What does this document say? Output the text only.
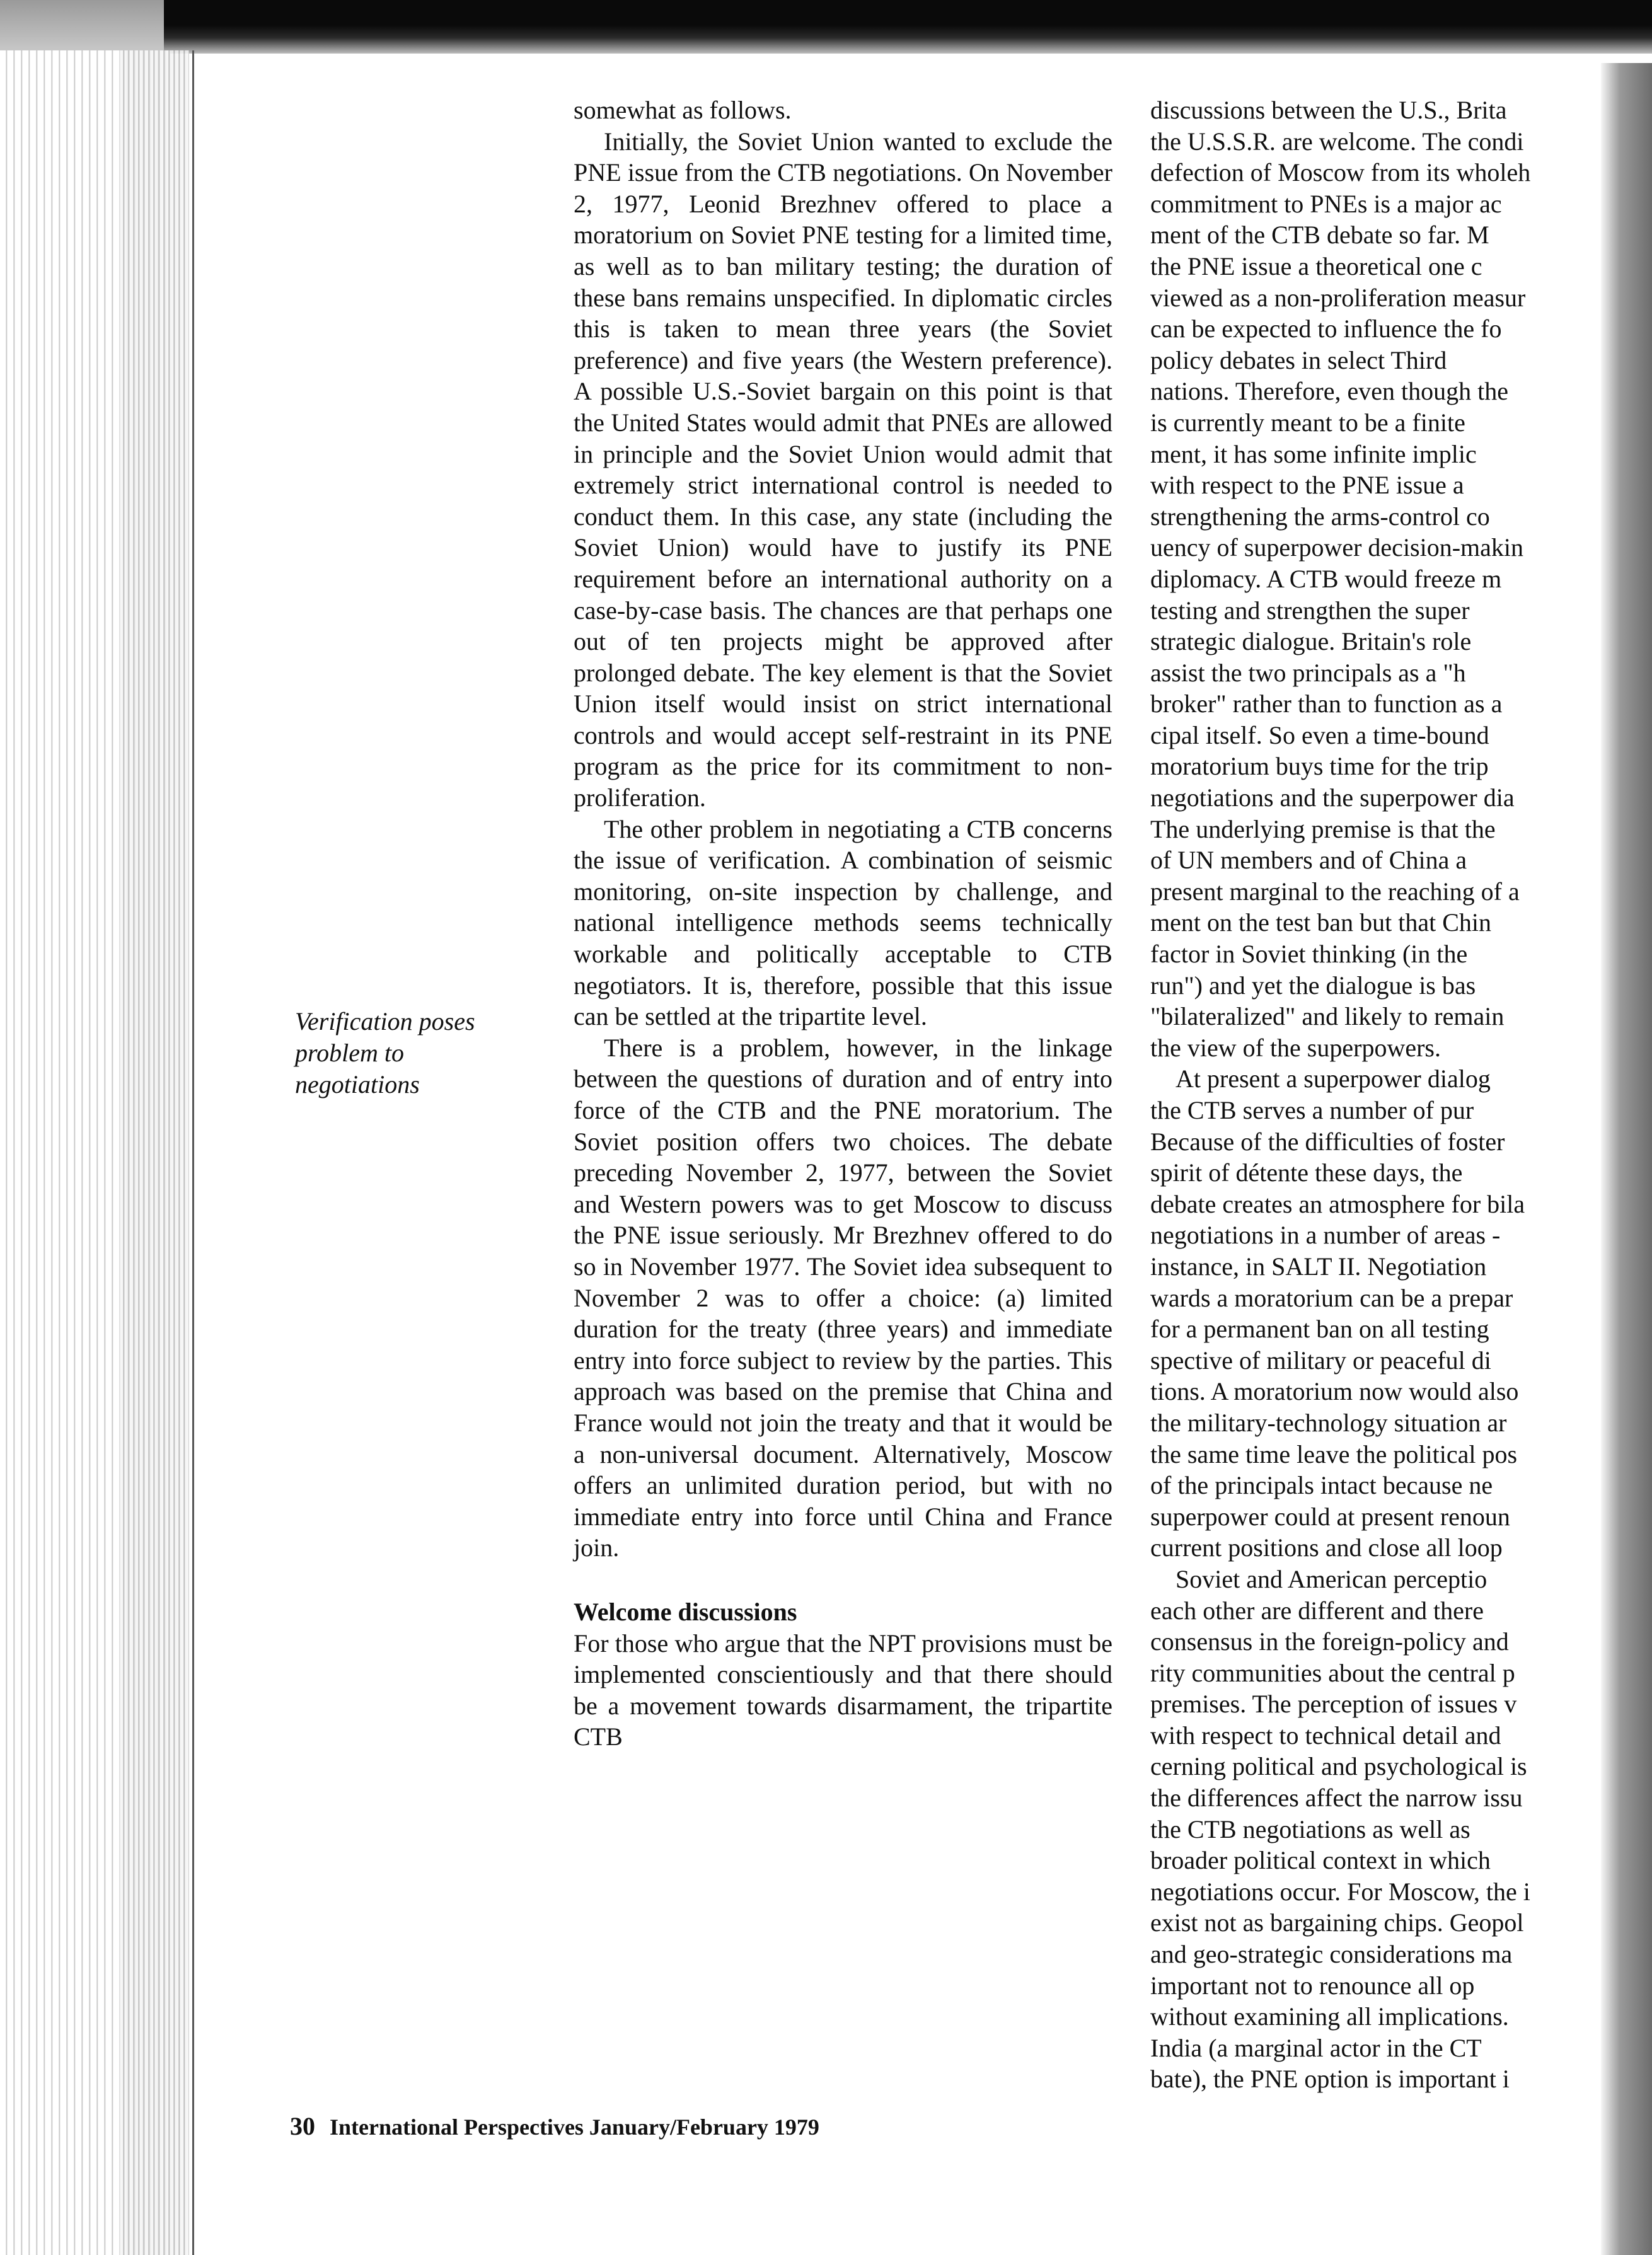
Verification poses problem to negotiations

somewhat as follows.

Initially, the Soviet Union wanted to exclude the PNE issue from the CTB negotiations. On November 2, 1977, Leonid Brezhnev offered to place a moratorium on Soviet PNE testing for a limited time, as well as to ban military testing; the duration of these bans remains unspecified. In diplomatic circles this is taken to mean three years (the Soviet preference) and five years (the Western preference). A possible U.S.-Soviet bargain on this point is that the United States would admit that PNEs are allowed in principle and the Soviet Union would admit that extremely strict international control is needed to conduct them. In this case, any state (including the Soviet Union) would have to justify its PNE requirement before an international authority on a case-by-case basis. The chances are that perhaps one out of ten projects might be approved after prolonged debate. The key element is that the Soviet Union itself would insist on strict international controls and would accept self-restraint in its PNE program as the price for its commitment to non-proliferation.

The other problem in negotiating a CTB concerns the issue of verification. A combination of seismic monitoring, on-site inspection by challenge, and national intelligence methods seems technically workable and politically acceptable to CTB negotiators. It is, therefore, possible that this issue can be settled at the tripartite level.

There is a problem, however, in the linkage between the questions of duration and of entry into force of the CTB and the PNE moratorium. The Soviet position offers two choices. The debate preceding November 2, 1977, between the Soviet and Western powers was to get Moscow to discuss the PNE issue seriously. Mr Brezhnev offered to do so in November 1977. The Soviet idea subsequent to November 2 was to offer a choice: (a) limited duration for the treaty (three years) and immediate entry into force subject to review by the parties. This approach was based on the premise that China and France would not join the treaty and that it would be a non-universal document. Alternatively, Moscow offers an unlimited duration period, but with no immediate entry into force until China and France join.

Welcome discussions

For those who argue that the NPT provisions must be implemented conscientiously and that there should be a movement towards disarmament, the tripartite CTB

discussions between the U.S., Brita
the U.S.S.R. are welcome. The condi
defection of Moscow from its wholeh
commitment to PNEs is a major ac
ment of the CTB debate so far. M
the PNE issue a theoretical one c
viewed as a non-proliferation measur
can be expected to influence the fo
policy debates in select Third
nations. Therefore, even though the
is currently meant to be a finite
ment, it has some infinite implic
with respect to the PNE issue a
strengthening the arms-control co
uency of superpower decision-makin
diplomacy. A CTB would freeze m
testing and strengthen the super
strategic dialogue. Britain's role
assist the two principals as a "h
broker" rather than to function as a
cipal itself. So even a time-bound
moratorium buys time for the trip
negotiations and the superpower dia
The underlying premise is that the
of UN members and of China a
present marginal to the reaching of a
ment on the test ban but that Chin
factor in Soviet thinking (in the
run") and yet the dialogue is bas
"bilateralized" and likely to remain
the view of the superpowers.
 At present a superpower dialog
the CTB serves a number of pur
Because of the difficulties of foster
spirit of détente these days, the
debate creates an atmosphere for bila
negotiations in a number of areas -
instance, in SALT II. Negotiation
wards a moratorium can be a prepar
for a permanent ban on all testing
spective of military or peaceful di
tions. A moratorium now would also
the military-technology situation ar
the same time leave the political pos
of the principals intact because ne
superpower could at present renoun
current positions and close all loop
 Soviet and American perceptio
each other are different and there
consensus in the foreign-policy and
rity communities about the central p
premises. The perception of issues v
with respect to technical detail and
cerning political and psychological is
the differences affect the narrow issu
the CTB negotiations as well as
broader political context in which
negotiations occur. For Moscow, the i
exist not as bargaining chips. Geopol
and geo-strategic considerations ma
important not to renounce all op
without examining all implications.
India (a marginal actor in the CT
bate), the PNE option is important i
30 International Perspectives January/February 1979
